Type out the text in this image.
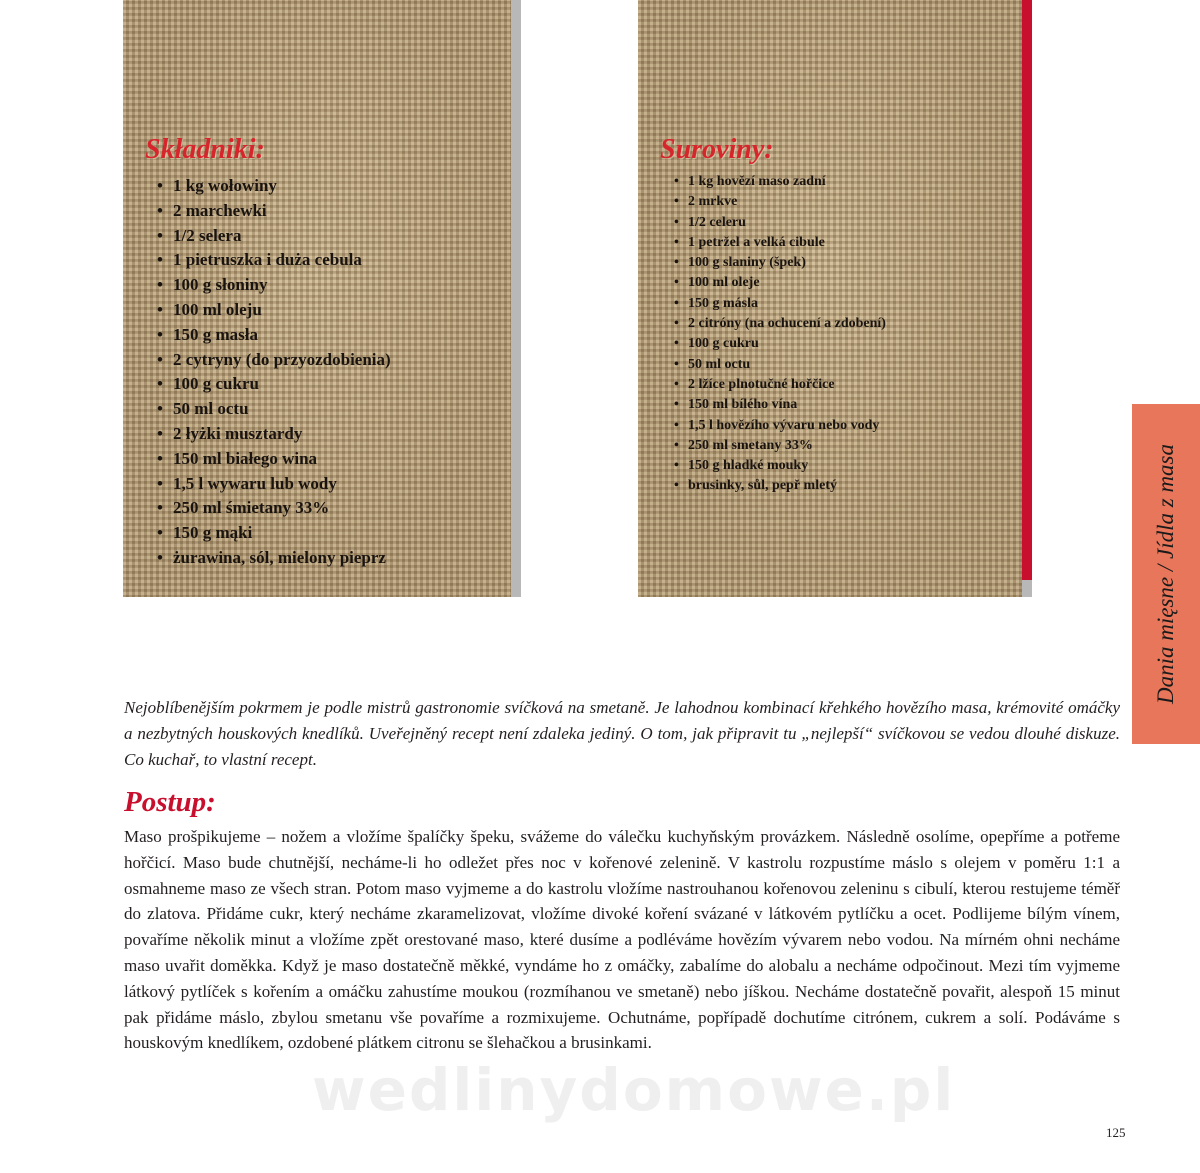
Składniki:
• 1 kg wołowiny
• 2 marchewki
• 1/2 selera
• 1 pietruszka i duża cebula
• 100 g słoniny
• 100 ml oleju
• 150 g masła
• 2 cytryny (do przyozdobienia)
• 100 g cukru
• 50 ml octu
• 2 łyżki musztardy
• 150 ml białego wina
• 1,5 l wywaru lub wody
• 250 ml śmietany 33%
• 150 g mąki
• żurawina, sól, mielony pieprz
Suroviny:
• 1 kg hovězí maso zadní
• 2 mrkve
• 1/2 celeru
• 1 petržel a velká cibule
• 100 g slaniny (špek)
• 100 ml oleje
• 150 g másla
• 2 citróny (na ochucení a zdobení)
• 100 g cukru
• 50 ml octu
• 2 lžíce plnotučné hořčice
• 150 ml bílého vína
• 1,5 l hovězího vývaru nebo vody
• 250 ml smetany 33%
• 150 g hladké mouky
• brusinky, sůl, pepř mletý	Dania mięsne / Jídla z masa

Nejoblíbenějším pokrmem je podle mistrů gastronomie svíčková na smetaně. Je lahodnou kombinací křehkého hovězího masa, krémovité omáčky a nezbytných houskových knedlíků. Uveřejněný recept není zdaleka jediný. O tom, jak připravit tu „nejlepší“ svíčkovou se vedou dlouhé diskuze. Co kuchař, to vlastní recept.

Postup:

Maso prošpikujeme – nožem a vložíme špalíčky špeku, svážeme do válečku kuchyňským provázkem. Následně osolíme, opepříme a potřeme hořčicí. Maso bude chutnější, necháme-li ho odležet přes noc v kořenové zelenině. V kastrolu rozpustíme máslo s olejem v poměru 1:1 a osmahneme maso ze všech stran. Potom maso vyjmeme a do kastrolu vložíme nastrouhanou kořenovou zeleninu s cibulí, kterou restujeme téměř do zlatova. Přidáme cukr, který necháme zkaramelizovat, vložíme divoké koření svázané v látkovém pytlíčku a ocet. Podlijeme bílým vínem, povaříme několik minut a vložíme zpět orestované maso, které dusíme a podléváme hovězím vývarem nebo vodou. Na mírném ohni necháme maso uvařit doměkka. Když je maso dostatečně měkké, vyndáme ho z omáčky, zabalíme do alobalu a necháme odpočinout. Mezi tím vyjmeme látkový pytlíček s kořením a omáčku zahustíme moukou (rozmíhanou ve smetaně) nebo jíškou. Necháme dostatečně povařit, alespoň 15 minut pak přidáme máslo, zbylou smetanu vše povaříme a rozmixujeme. Ochutnáme, popřípadě dochutíme citrónem, cukrem a solí. Podáváme s houskovým knedlíkem, ozdobené plátkem citronu se šlehačkou a brusinkami.

wedlinydomowe.pl
125
